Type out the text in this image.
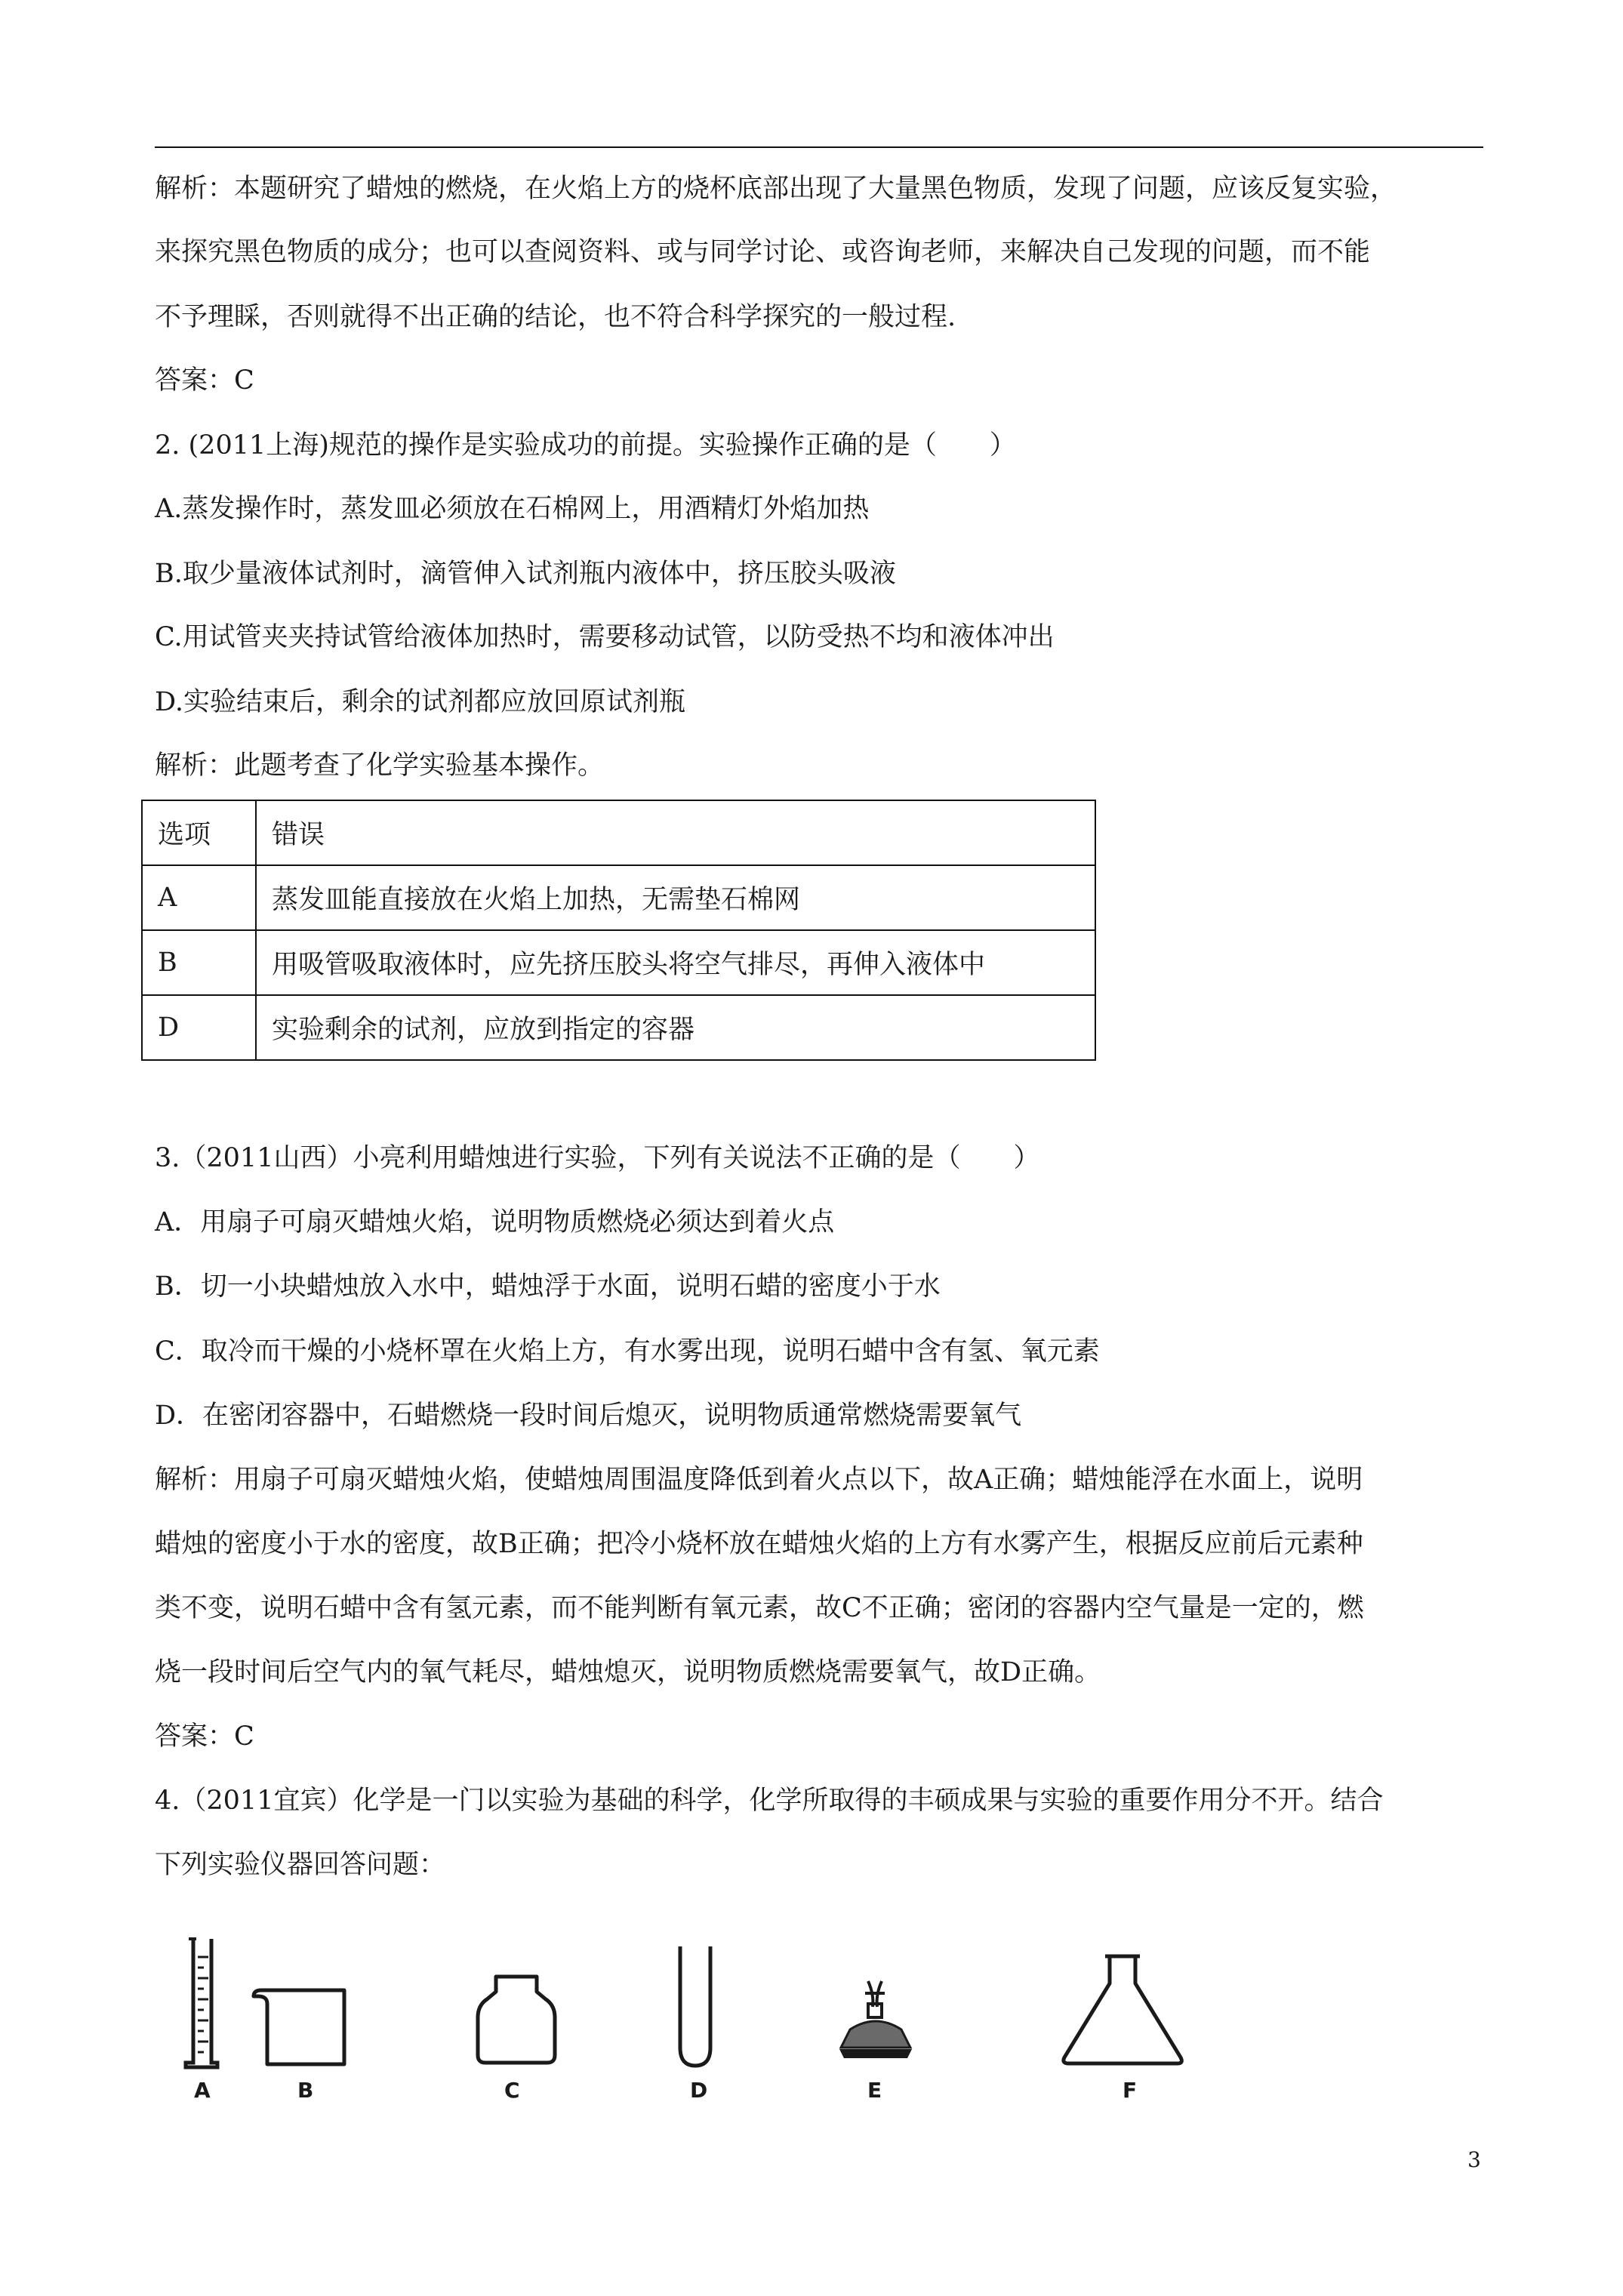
解析：本题研究了蜡烛的燃烧，在火焰上方的烧杯底部出现了大量黑色物质，发现了问题，应该反复实验，
来探究黑色物质的成分；也可以查阅资料、或与同学讨论、或咨询老师，来解决自己发现的问题，而不能
不予理睬，否则就得不出正确的结论，也不符合科学探究的一般过程.
答案：C
2. (2011上海)规范的操作是实验成功的前提。实验操作正确的是（　　）
A.蒸发操作时，蒸发皿必须放在石棉网上，用酒精灯外焰加热
B.取少量液体试剂时，滴管伸入试剂瓶内液体中，挤压胶头吸液
C.用试管夹夹持试管给液体加热时，需要移动试管，以防受热不均和液体冲出
D.实验结束后，剩余的试剂都应放回原试剂瓶
解析：此题考查了化学实验基本操作。
选项	错误
A	蒸发皿能直接放在火焰上加热，无需垫石棉网
B	用吸管吸取液体时，应先挤压胶头将空气排尽，再伸入液体中
D	实验剩余的试剂，应放到指定的容器
3.（2011山西）小亮利用蜡烛进行实验，下列有关说法不正确的是（　　）
A．用扇子可扇灭蜡烛火焰，说明物质燃烧必须达到着火点
B．切一小块蜡烛放入水中，蜡烛浮于水面，说明石蜡的密度小于水
C．取冷而干燥的小烧杯罩在火焰上方，有水雾出现，说明石蜡中含有氢、氧元素
D．在密闭容器中，石蜡燃烧一段时间后熄灭，说明物质通常燃烧需要氧气
解析：用扇子可扇灭蜡烛火焰，使蜡烛周围温度降低到着火点以下，故A正确；蜡烛能浮在水面上，说明
蜡烛的密度小于水的密度，故B正确；把冷小烧杯放在蜡烛火焰的上方有水雾产生，根据反应前后元素种
类不变，说明石蜡中含有氢元素，而不能判断有氧元素，故C不正确；密闭的容器内空气量是一定的，燃
烧一段时间后空气内的氧气耗尽，蜡烛熄灭，说明物质燃烧需要氧气，故D正确。
答案：C
4.（2011宜宾）化学是一门以实验为基础的科学，化学所取得的丰硕成果与实验的重要作用分不开。结合
下列实验仪器回答问题：
A	B	C	D	E	F
3
